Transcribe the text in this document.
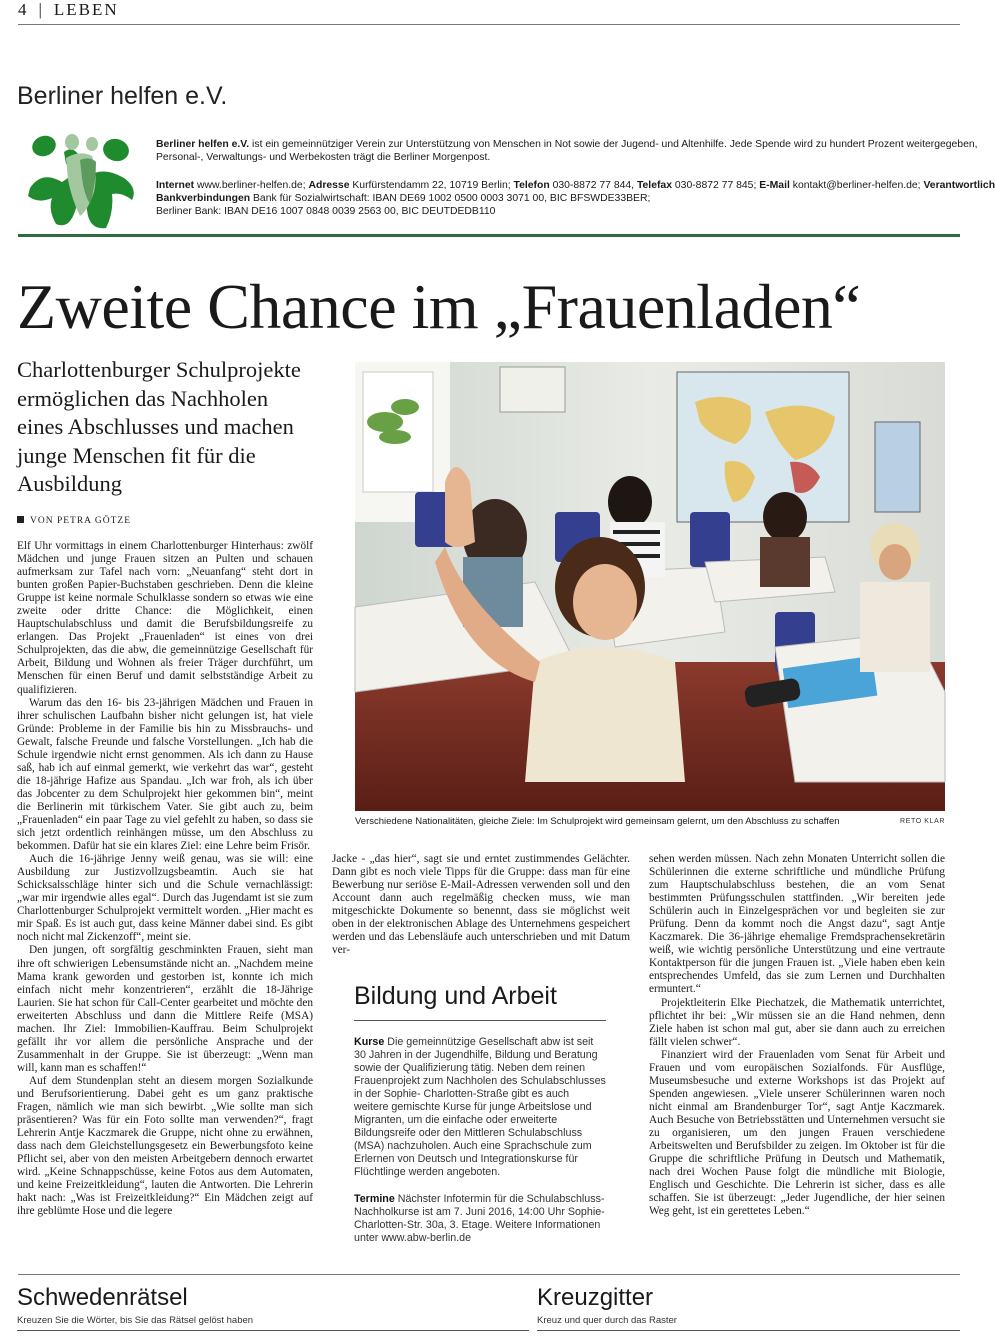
4 | LEBEN
Berliner helfen e.V.
Berliner helfen e.V. ist ein gemeinnütziger Verein zur Unterstützung von Menschen in Not sowie der Jugend- und Altenhilfe. Jede Spende wird zu hundert Prozent weitergegeben,
Personal-, Verwaltungs- und Werbekosten trägt die Berliner Morgenpost.
Internet www.berliner-helfen.de; Adresse Kurfürstendamm 22, 10719 Berlin; Telefon 030-8872 77 844, Telefax 030-8872 77 845; E-Mail kontakt@berliner-helfen.de; Verantwortlich
Bankverbindungen Bank für Sozialwirtschaft: IBAN DE69 1002 0500 0003 3071 00, BIC BFSWDE33BER;
Berliner Bank: IBAN DE16 1007 0848 0039 2563 00, BIC DEUTDEDB110
Zweite Chance im „Frauenladen“
Charlottenburger Schulprojekte ermöglichen das Nachholen eines Abschlusses und machen junge Menschen fit für die Ausbildung
VON PETRA GÖTZE

Elf Uhr vormittags in einem Charlottenburger Hinterhaus: zwölf Mädchen und junge Frauen sitzen an Pulten und schauen aufmerksam zur Tafel nach vorn: „Neuanfang“ steht dort in bunten großen Papier-Buchstaben geschrieben. Denn die kleine Gruppe ist keine normale Schulklasse sondern so etwas wie eine zweite oder dritte Chance: die Möglichkeit, einen Hauptschulabschluss und damit die Berufsbildungsreife zu erlangen. Das Projekt „Frauenladen“ ist eines von drei Schulprojekten, das die abw, die gemeinnützige Gesellschaft für Arbeit, Bildung und Wohnen als freier Träger durchführt, um Menschen für einen Beruf und damit selbstständige Arbeit zu qualifizieren.

Warum das den 16- bis 23-jährigen Mädchen und Frauen in ihrer schulischen Laufbahn bisher nicht gelungen ist, hat viele Gründe: Probleme in der Familie bis hin zu Missbrauchs- und Gewalt, falsche Freunde und falsche Vorstellungen. „Ich hab die Schule irgendwie nicht ernst genommen. Als ich dann zu Hause saß, hab ich auf einmal gemerkt, wie verkehrt das war“, gesteht die 18-jährige Hafize aus Spandau. „Ich war froh, als ich über das Jobcenter zu dem Schulprojekt hier gekommen bin“, meint die Berlinerin mit türkischem Vater. Sie gibt auch zu, beim „Frauenladen“ ein paar Tage zu viel gefehlt zu haben, so dass sie sich jetzt ordentlich reinhängen müsse, um den Abschluss zu bekommen. Dafür hat sie ein klares Ziel: eine Lehre beim Frisör.

Auch die 16-jährige Jenny weiß genau, was sie will: eine Ausbildung zur Justizvollzugsbeamtin. Auch sie hat Schicksalsschläge hinter sich und die Schule vernachlässigt: „war mir irgendwie alles egal“. Durch das Jugendamt ist sie zum Charlottenburger Schulprojekt vermittelt worden. „Hier macht es mir Spaß. Es ist auch gut, dass keine Männer dabei sind. Es gibt noch nicht mal Zickenzoff“, meint sie.

Den jungen, oft sorgfältig geschminkten Frauen, sieht man ihre oft schwierigen Lebensumstände nicht an. „Nachdem meine Mama krank geworden und gestorben ist, konnte ich mich einfach nicht mehr konzentrieren“, erzählt die 18-Jährige Laurien. Sie hat schon für Call-Center gearbeitet und möchte den erweiterten Abschluss und dann die Mittlere Reife (MSA) machen. Ihr Ziel: Immobilien-Kauffrau. Beim Schulprojekt gefällt ihr vor allem die persönliche Ansprache und der Zusammenhalt in der Gruppe. Sie ist überzeugt: „Wenn man will, kann man es schaffen!“

Auf dem Stundenplan steht an diesem morgen Sozialkunde und Berufsorientierung. Dabei geht es um ganz praktische Fragen, nämlich wie man sich bewirbt. „Wie sollte man sich präsentieren? Was für ein Foto sollte man verwenden?“, fragt Lehrerin Antje Kaczmarek die Gruppe, nicht ohne zu erwähnen, dass nach dem Gleichstellungsgesetz ein Bewerbungsfoto keine Pflicht sei, aber von den meisten Arbeitgebern dennoch erwartet wird. „Keine Schnappschüsse, keine Fotos aus dem Automaten, und keine Freizeitkleidung“, lauten die Antworten. Die Lehrerin hakt nach: „Was ist Freizeitkleidung?“ Ein Mädchen zeigt auf ihre geblümte Hose und die legere

Verschiedene Nationalitäten, gleiche Ziele: Im Schulprojekt wird gemeinsam gelernt, um den Abschluss zu schaffen	RETO KLAR

Jacke - „das hier“, sagt sie und erntet zustimmendes Gelächter. Dann gibt es noch viele Tipps für die Gruppe: dass man für eine Bewerbung nur seriöse E-Mail-Adressen verwenden soll und den Account dann auch regelmäßig checken muss, wie man mitgeschickte Dokumente so benennt, dass sie möglichst weit oben in der elektronischen Ablage des Unternehmens gespeichert werden und das Lebensläufe auch unterschrieben und mit Datum ver-

Bildung und Arbeit

Kurse Die gemeinnützige Gesellschaft abw ist seit 30 Jahren in der Jugendhilfe, Bildung und Beratung sowie der Qualifizierung tätig. Neben dem reinen Frauenprojekt zum Nachholen des Schulabschlusses in der Sophie- Charlotten-Straße gibt es auch weitere gemischte Kurse für junge Arbeitslose und Migranten, um die einfache oder erweiterte Bildungsreife oder den Mittleren Schulabschluss (MSA) nachzuholen. Auch eine Sprachschule zum Erlernen von Deutsch und Integrationskurse für Flüchtlinge werden angeboten.

Termine Nächster Infotermin für die Schulabschluss-Nachholkurse ist am 7. Juni 2016, 14:00 Uhr Sophie-Charlotten-Str. 30a, 3. Etage. Weitere Informationen unter www.abw-berlin.de

sehen werden müssen. Nach zehn Monaten Unterricht sollen die Schülerinnen die externe schriftliche und mündliche Prüfung zum Hauptschulabschluss bestehen, die an vom Senat bestimmten Prüfungsschulen stattfinden. „Wir bereiten jede Schülerin auch in Einzelgesprächen vor und begleiten sie zur Prüfung. Denn da kommt noch die Angst dazu“, sagt Antje Kaczmarek. Die 36-jährige ehemalige Fremdsprachensekretärin weiß, wie wichtig persönliche Unterstützung und eine vertraute Kontaktperson für die jungen Frauen ist. „Viele haben eben kein entsprechendes Umfeld, das sie zum Lernen und Durchhalten ermuntert.“

Projektleiterin Elke Piechatzek, die Mathematik unterrichtet, pflichtet ihr bei: „Wir müssen sie an die Hand nehmen, denn Ziele haben ist schon mal gut, aber sie dann auch zu erreichen fällt vielen schwer“.

Finanziert wird der Frauenladen vom Senat für Arbeit und Frauen und vom europäischen Sozialfonds. Für Ausflüge, Museumsbesuche und externe Workshops ist das Projekt auf Spenden angewiesen. „Viele unserer Schülerinnen waren noch nicht einmal am Brandenburger Tor“, sagt Antje Kaczmarek. Auch Besuche von Betriebsstätten und Unternehmen versucht sie zu organisieren, um den jungen Frauen verschiedene Arbeitswelten und Berufsbilder zu zeigen. Im Oktober ist für die Gruppe die schriftliche Prüfung in Deutsch und Mathematik, nach drei Wochen Pause folgt die mündliche mit Biologie, Englisch und Geschichte. Die Lehrerin ist sicher, dass es alle schaffen. Sie ist überzeugt: „Jeder Jugendliche, der hier seinen Weg geht, ist ein gerettetes Leben.“

Schwedenrätsel
Kreuzen Sie die Wörter, bis Sie das Rätsel gelöst haben
Kreuzgitter
Kreuz und quer durch das Raster
